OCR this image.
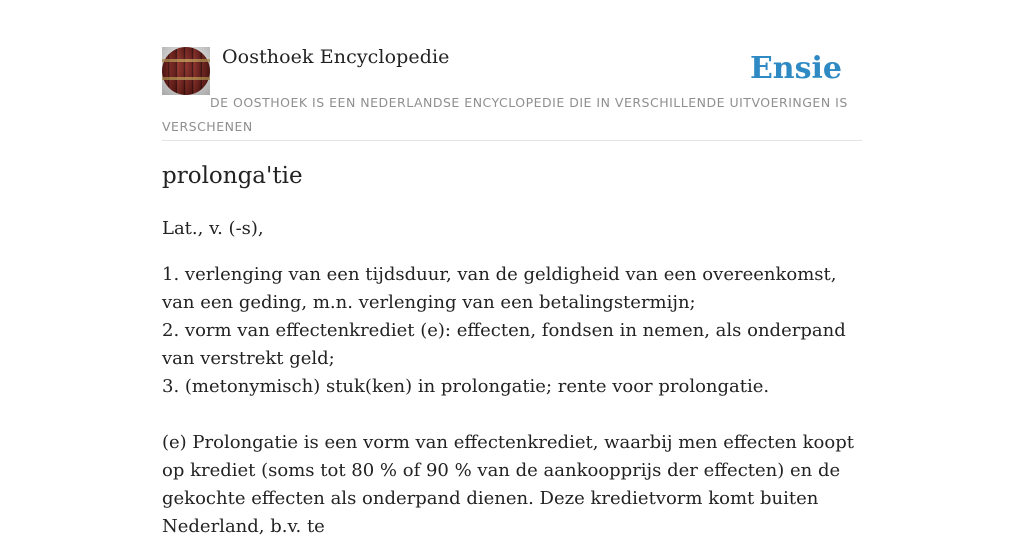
Oosthoek Encyclopedie	Ensie
DE OOSTHOEK IS EEN NEDERLANDSE ENCYCLOPEDIE DIE IN VERSCHILLENDE UITVOERINGEN IS VERSCHENEN
prolonga'tie

Lat., v. (-s),

1. verlenging van een tijdsduur, van de geldigheid van een overeenkomst, van een geding, m.n. verlenging van een betalingstermijn;

2. vorm van effectenkrediet (e): effecten, fondsen in nemen, als onderpand van verstrekt geld;

3. (metonymisch) stuk(ken) in prolongatie; rente voor prolongatie.

(e) Prolongatie is een vorm van effectenkrediet, waarbij men effecten koopt op krediet (soms tot 80 % of 90 % van de aankoopprijs der effecten) en de gekochte effecten als onderpand dienen. Deze kredietvorm komt buiten Nederland, b.v. te
